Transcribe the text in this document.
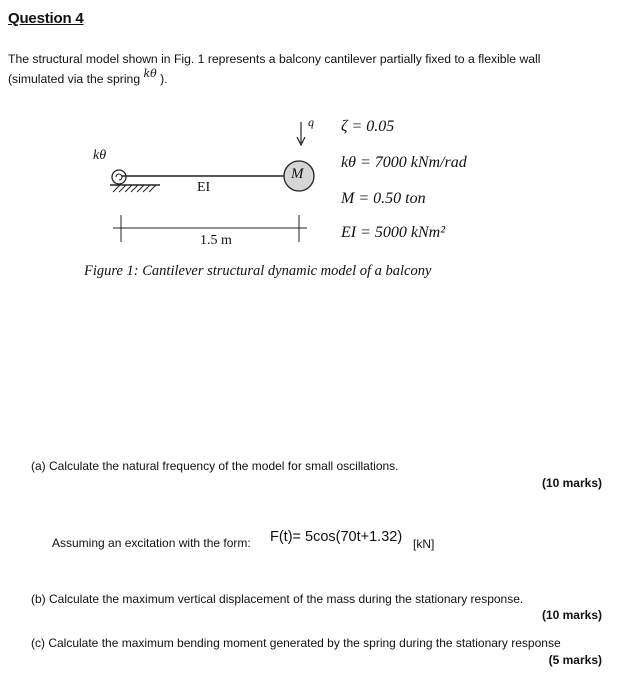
Question 4
The structural model shown in Fig. 1 represents a balcony cantilever partially fixed to a flexible wall
(simulated via the spring kθ ).
kθ
EI
M
q
1.5 m
ζ = 0.05
kθ = 7000 kNm/rad
M = 0.50 ton
EI = 5000 kNm²
Figure 1: Cantilever structural dynamic model of a balcony
(a) Calculate the natural frequency of the model for small oscillations.
(10 marks)
Assuming an excitation with the form: F(t)= 5cos(70t+1.32) [kN]
(b) Calculate the maximum vertical displacement of the mass during the stationary response.
(10 marks)
(c) Calculate the maximum bending moment generated by the spring during the stationary response
(5 marks)
